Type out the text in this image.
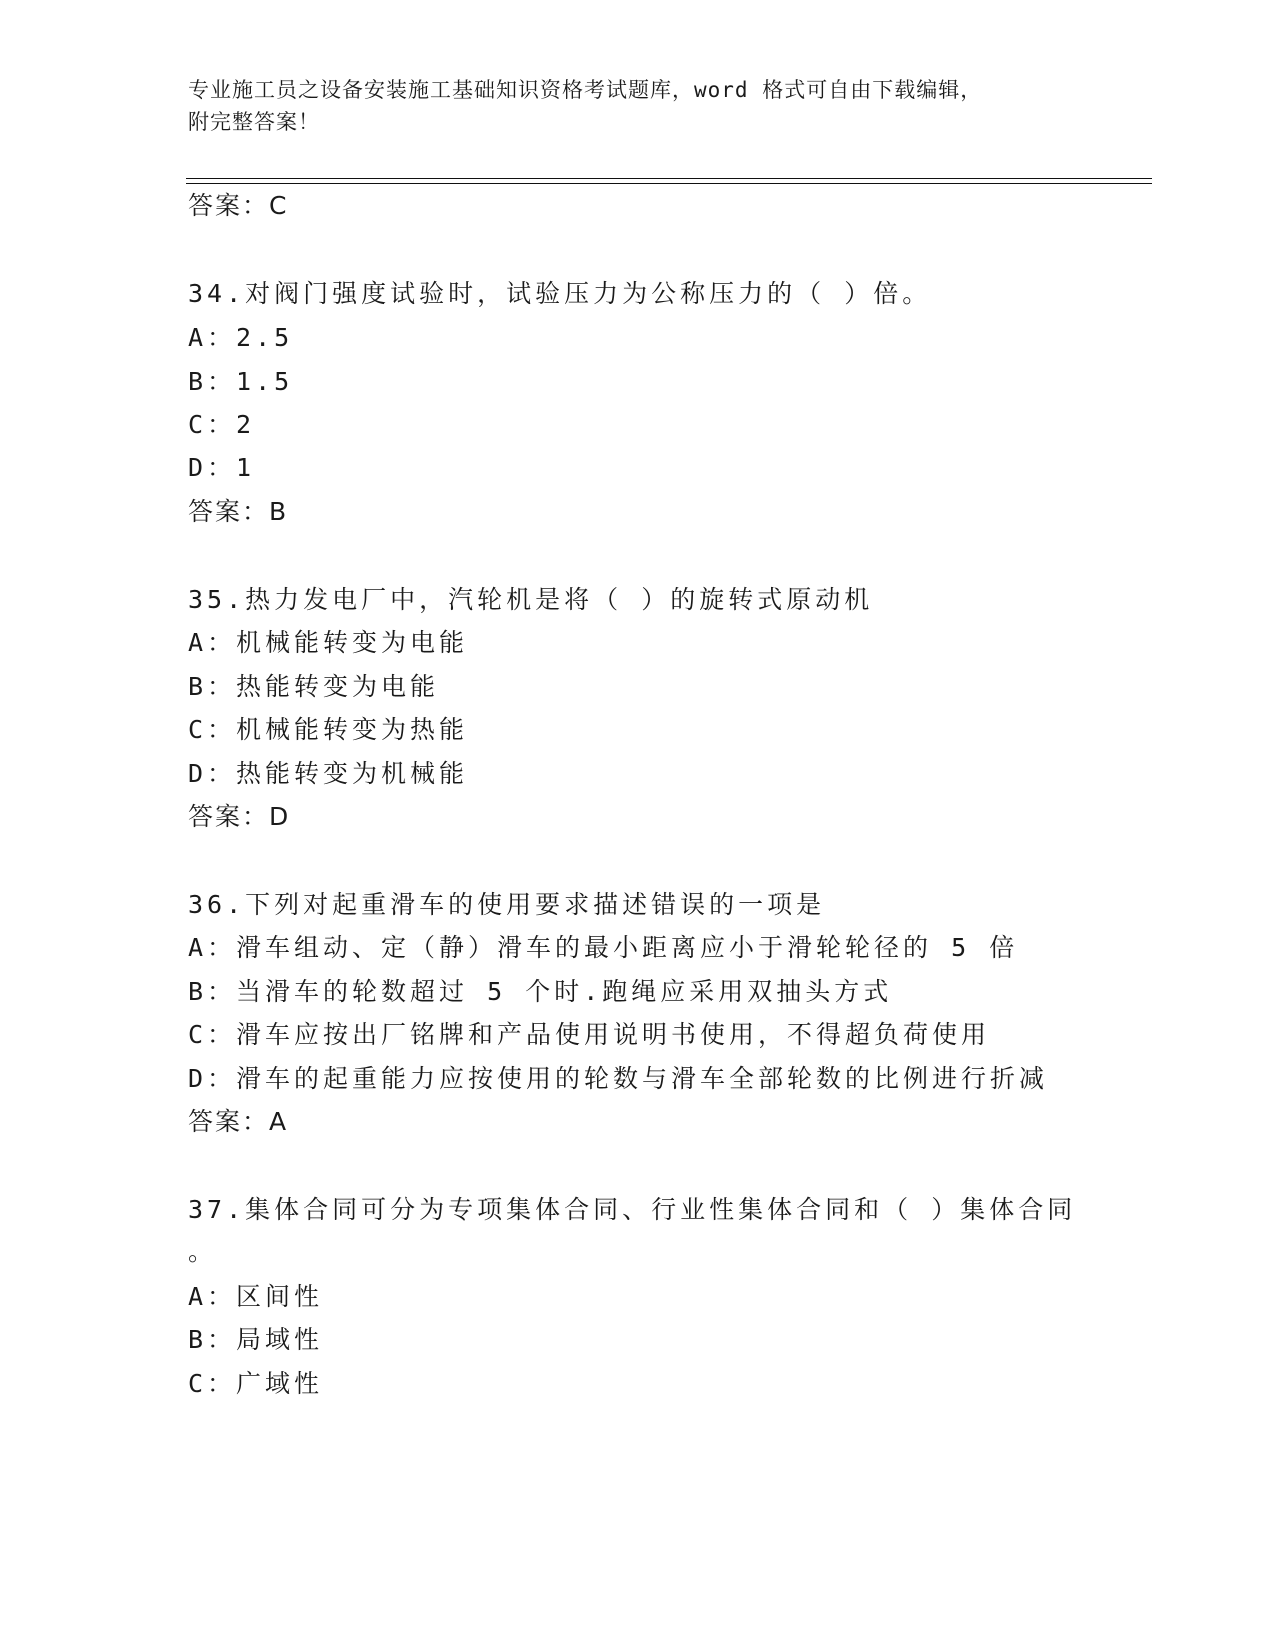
专业施工员之设备安装施工基础知识资格考试题库，word 格式可自由下载编辑，
附完整答案！
答案：C
34.对阀门强度试验时，试验压力为公称压力的（ ）倍。
A：2.5
B：1.5
C：2
D：1
答案：B
35.热力发电厂中，汽轮机是将（ ）的旋转式原动机
A：机械能转变为电能
B：热能转变为电能
C：机械能转变为热能
D：热能转变为机械能
答案：D
36.下列对起重滑车的使用要求描述错误的一项是
A：滑车组动、定（静）滑车的最小距离应小于滑轮轮径的 5 倍
B：当滑车的轮数超过 5 个时.跑绳应采用双抽头方式
C：滑车应按出厂铭牌和产品使用说明书使用，不得超负荷使用
D：滑车的起重能力应按使用的轮数与滑车全部轮数的比例进行折减
答案：A
37.集体合同可分为专项集体合同、行业性集体合同和（ ）集体合同
。
A：区间性
B：局域性
C：广域性
